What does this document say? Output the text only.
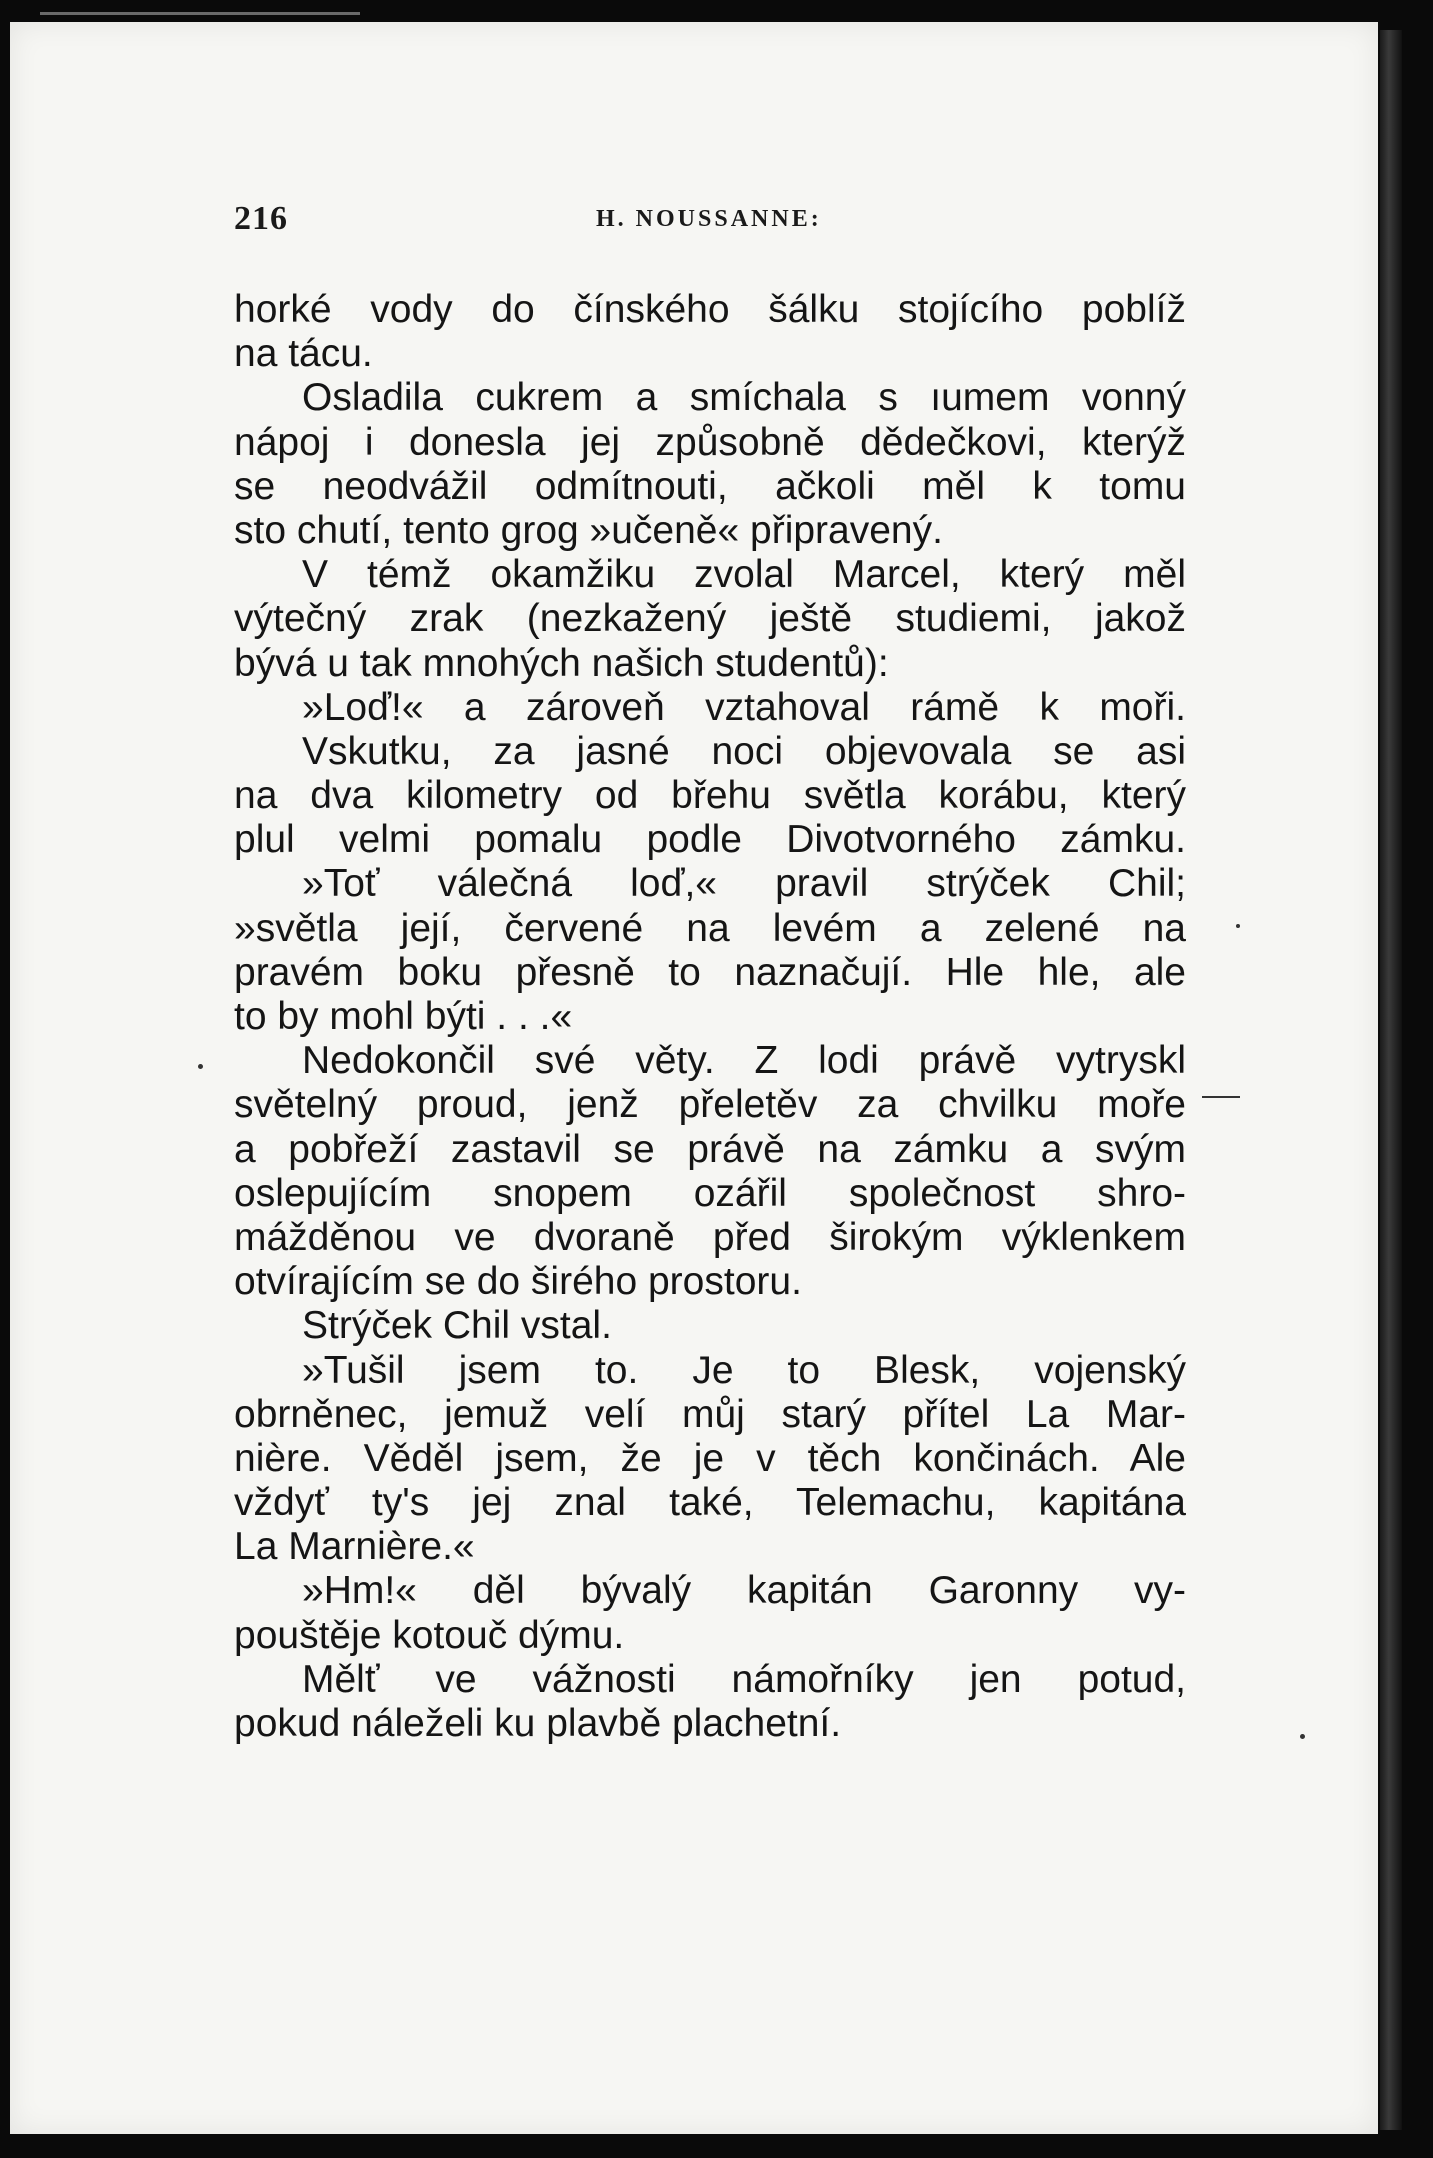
216	H. NOUSSANNE:
horké vody do čínského šálku stojícího poblíž
na tácu.
Osladila cukrem a smíchala s ıumem vonný
nápoj i donesla jej způsobně dědečkovi, kterýž
se neodvážil odmítnouti, ačkoli měl k tomu
sto chutí, tento grog »učeně« připravený.
V témž okamžiku zvolal Marcel, který měl
výtečný zrak (nezkažený ještě studiemi, jakož
bývá u tak mnohých našich studentů):
»Loď!« a zároveň vztahoval rámě k moři.
Vskutku, za jasné noci objevovala se asi
na dva kilometry od břehu světla korábu, který
plul velmi pomalu podle Divotvorného zámku.
»Toť válečná loď,« pravil strýček Chil;
»světla její, červené na levém a zelené na
pravém boku přesně to naznačují. Hle hle, ale
to by mohl býti . . .«
Nedokončil své věty. Z lodi právě vytryskl
světelný proud, jenž přeletěv za chvilku moře
a pobřeží zastavil se právě na zámku a svým
oslepujícím snopem ozářil společnost shro-
mážděnou ve dvoraně před širokým výklenkem
otvírajícím se do širého prostoru.
Strýček Chil vstal.
»Tušil jsem to. Je to Blesk, vojenský
obrněnec, jemuž velí můj starý přítel La Mar-
nière. Věděl jsem, že je v těch končinách. Ale
vždyť ty's jej znal také, Telemachu, kapitána
La Marnière.«
»Hm!« děl bývalý kapitán Garonny vy-
pouštěje kotouč dýmu.
Mělť ve vážnosti námořníky jen potud,
pokud náleželi ku plavbě plachetní.
